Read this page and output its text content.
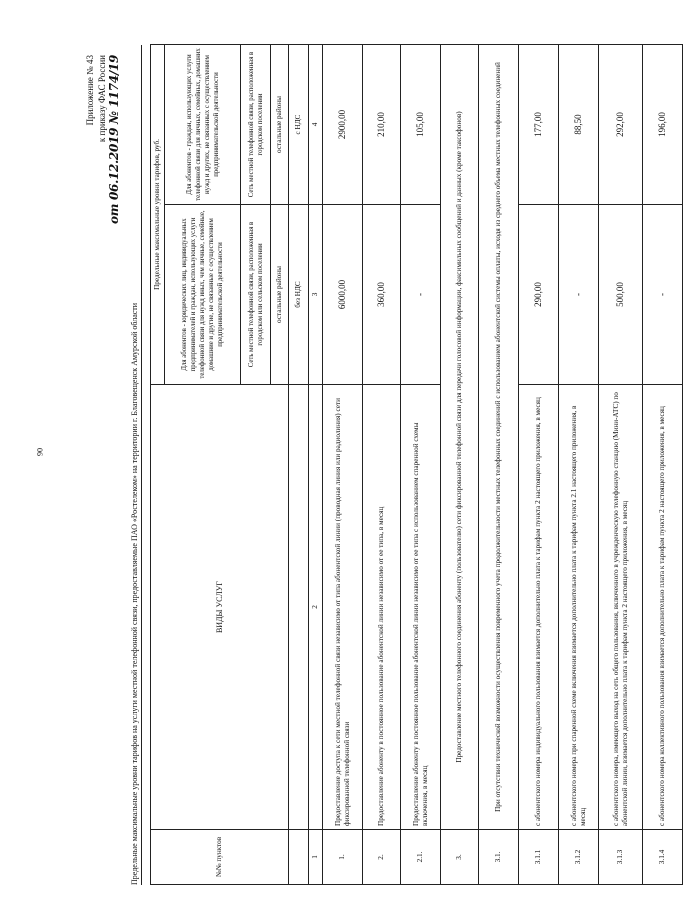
90
Приложение № 43 к приказу ФАС России от 06.12.2019 № 1174/19
Предельные максимальные уровни тарифов на услуги местной телефонной связи, предоставляемые ПАО «Ростелеком» на территории г. Благовещенск Амурской области	№№ пунктов	ВИДЫ УСЛУГ	Предельные максимальные уровни тарифов, руб.	
		Для абонентов - юридических лиц, индивидуальных предпринимателей и граждан, использующих услуги телефонной связи для нужд иных, чем личные, семейные, домашние и другие, не связанные с осуществлением предпринимательской деятельности	Для абонентов - граждан, использующих услуги телефонной связи для личных, семейных, домашних нужд и других, не связанных с осуществлением предпринимательской деятельности
		Сеть местной телефонной связи, расположенная в городском или сельском поселении	Сеть местной телефонной связи, расположенная в городском поселении
		остальные районы	остальные районы
		без НДС	с НДС
1	2	3	4
1.	Предоставление доступа к сети местной телефонной связи независимо от типа абонентской линии (проводная линия или радиолиния) сети фиксированной телефонной связи	6000,00	2900,00
2.	Предоставление абоненту в постоянное пользование абонентской линии независимо от ее типа, в месяц	360,00	210,00
2.1.	Предоставление абоненту в постоянное пользование абонентской линии независимо от ее типа с использованием спаренной схемы включения, в месяц	-	105,00
3.	Предоставление местного телефонного соединения абоненту (пользователю) сети фиксированной телефонной связи для передачи голосовой информации, факсимильных сообщений и данных (кроме таксофонов)		
3.1.	При отсутствии технической возможности осуществления повременного учета продолжительности местных телефонных соединений с использованием абонентской системы оплаты, исходя из среднего объема местных телефонных соединений		
3.1.1	с абонентского номера индивидуального пользования взимается дополнительно плата к тарифам пункта 2 настоящего приложения, в месяц	290,00	177,00
3.1.2	с абонентского номера при спаренной схеме включения взимается дополнительно плата к тарифам пункта 2.1 настоящего приложения, в месяц	-	88,50
3.1.3	с абонентского номера, имеющего выход на сеть общего пользования, включенного в учрежденческую телефонную станцию (Мини-АТС) по абонентской линии, взимается дополнительно плата к тарифам пункта 2 настоящего приложения, в месяц	500,00	292,00
3.1.4	с абонентского номера коллективного пользования взимается дополнительно плата к тарифам пункта 2 настоящего приложения, в месяц	-	196,00
